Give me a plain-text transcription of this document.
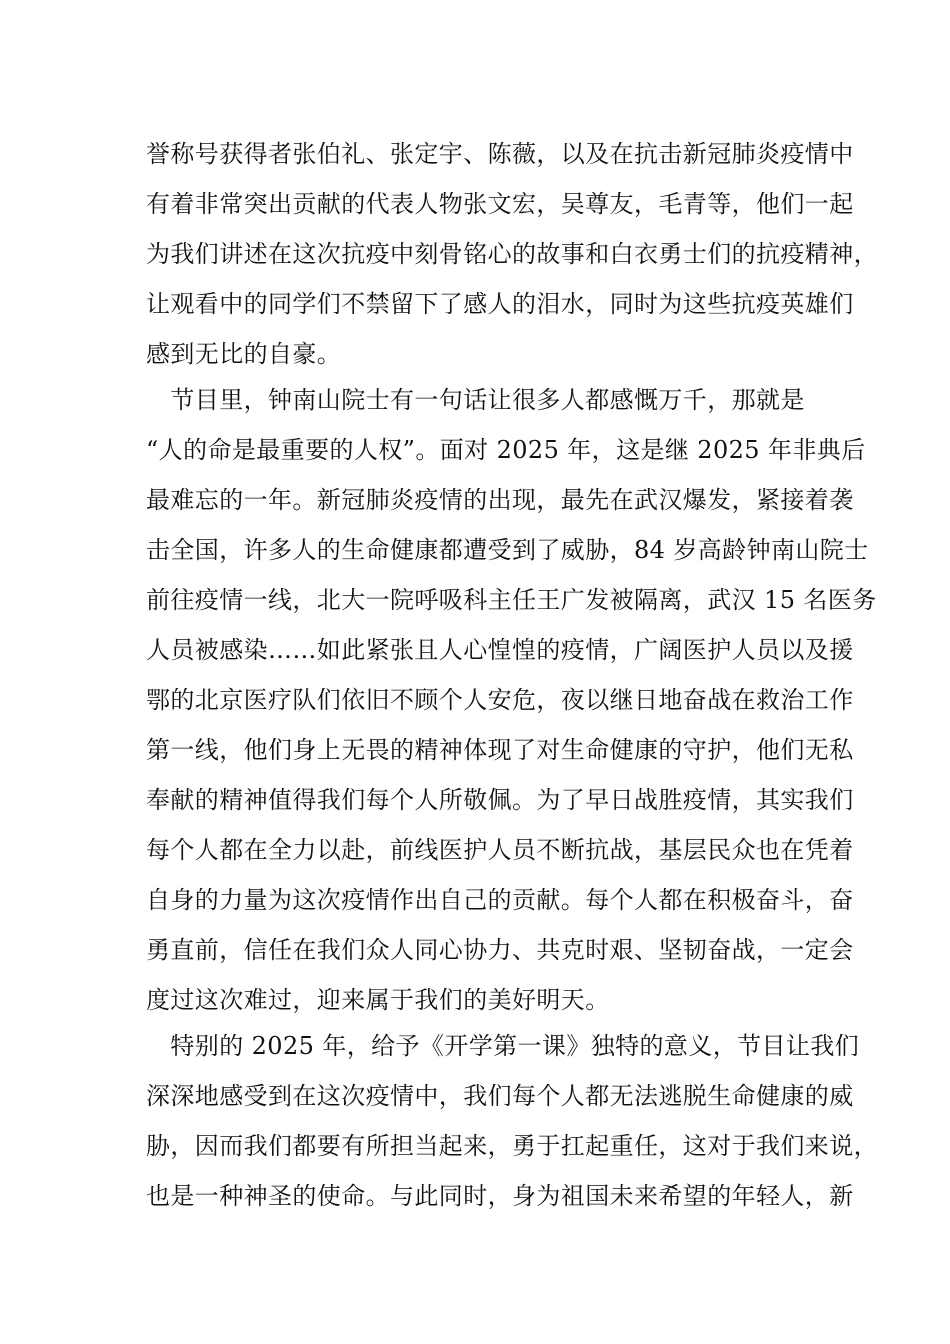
誉称号获得者张伯礼、张定宇、陈薇，以及在抗击新冠肺炎疫情中
有着非常突出贡献的代表人物张文宏，吴尊友，毛青等，他们一起
为我们讲述在这次抗疫中刻骨铭心的故事和白衣勇士们的抗疫精神，
让观看中的同学们不禁留下了感人的泪水，同时为这些抗疫英雄们
感到无比的自豪。
　节目里，钟南山院士有一句话让很多人都感慨万千，那就是
“人的命是最重要的人权”。面对 2025 年，这是继 2025 年非典后
最难忘的一年。新冠肺炎疫情的出现，最先在武汉爆发，紧接着袭
击全国，许多人的生命健康都遭受到了威胁，84 岁高龄钟南山院士
前往疫情一线，北大一院呼吸科主任王广发被隔离，武汉 15 名医务
人员被感染……如此紧张且人心惶惶的疫情，广阔医护人员以及援
鄂的北京医疗队们依旧不顾个人安危，夜以继日地奋战在救治工作
第一线，他们身上无畏的精神体现了对生命健康的守护，他们无私
奉献的精神值得我们每个人所敬佩。为了早日战胜疫情，其实我们
每个人都在全力以赴，前线医护人员不断抗战，基层民众也在凭着
自身的力量为这次疫情作出自己的贡献。每个人都在积极奋斗，奋
勇直前，信任在我们众人同心协力、共克时艰、坚韧奋战，一定会
度过这次难过，迎来属于我们的美好明天。
　特别的 2025 年，给予《开学第一课》独特的意义，节目让我们
深深地感受到在这次疫情中，我们每个人都无法逃脱生命健康的威
胁，因而我们都要有所担当起来，勇于扛起重任，这对于我们来说，
也是一种神圣的使命。与此同时，身为祖国未来希望的年轻人，新
